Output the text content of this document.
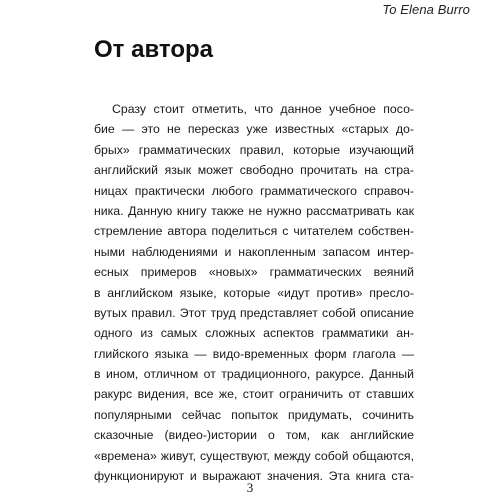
To Elena Burro
От автора
Сразу стоит отметить, что данное учебное посо-
бие — это не пересказ уже известных «старых до-
брых» грамматических правил, которые изучающий
английский язык может свободно прочитать на стра-
ницах практически любого грамматического справоч-
ника. Данную книгу также не нужно рассматривать как
стремление автора поделиться с читателем собствен-
ными наблюдениями и накопленным запасом интер-
есных примеров «новых» грамматических веяний
в английском языке, которые «идут против» пресло-
вутых правил. Этот труд представляет собой описание
одного из самых сложных аспектов грамматики ан-
глийского языка — видо-временных форм глагола —
в ином, отличном от традиционного, ракурсе. Данный
ракурс видения, все же, стоит ограничить от ставших
популярными сейчас попыток придумать, сочинить
сказочные (видео-)истории о том, как английские
«времена» живут, существуют, между собой общаются,
функционируют и выражают значения. Эта книга ста-
3
